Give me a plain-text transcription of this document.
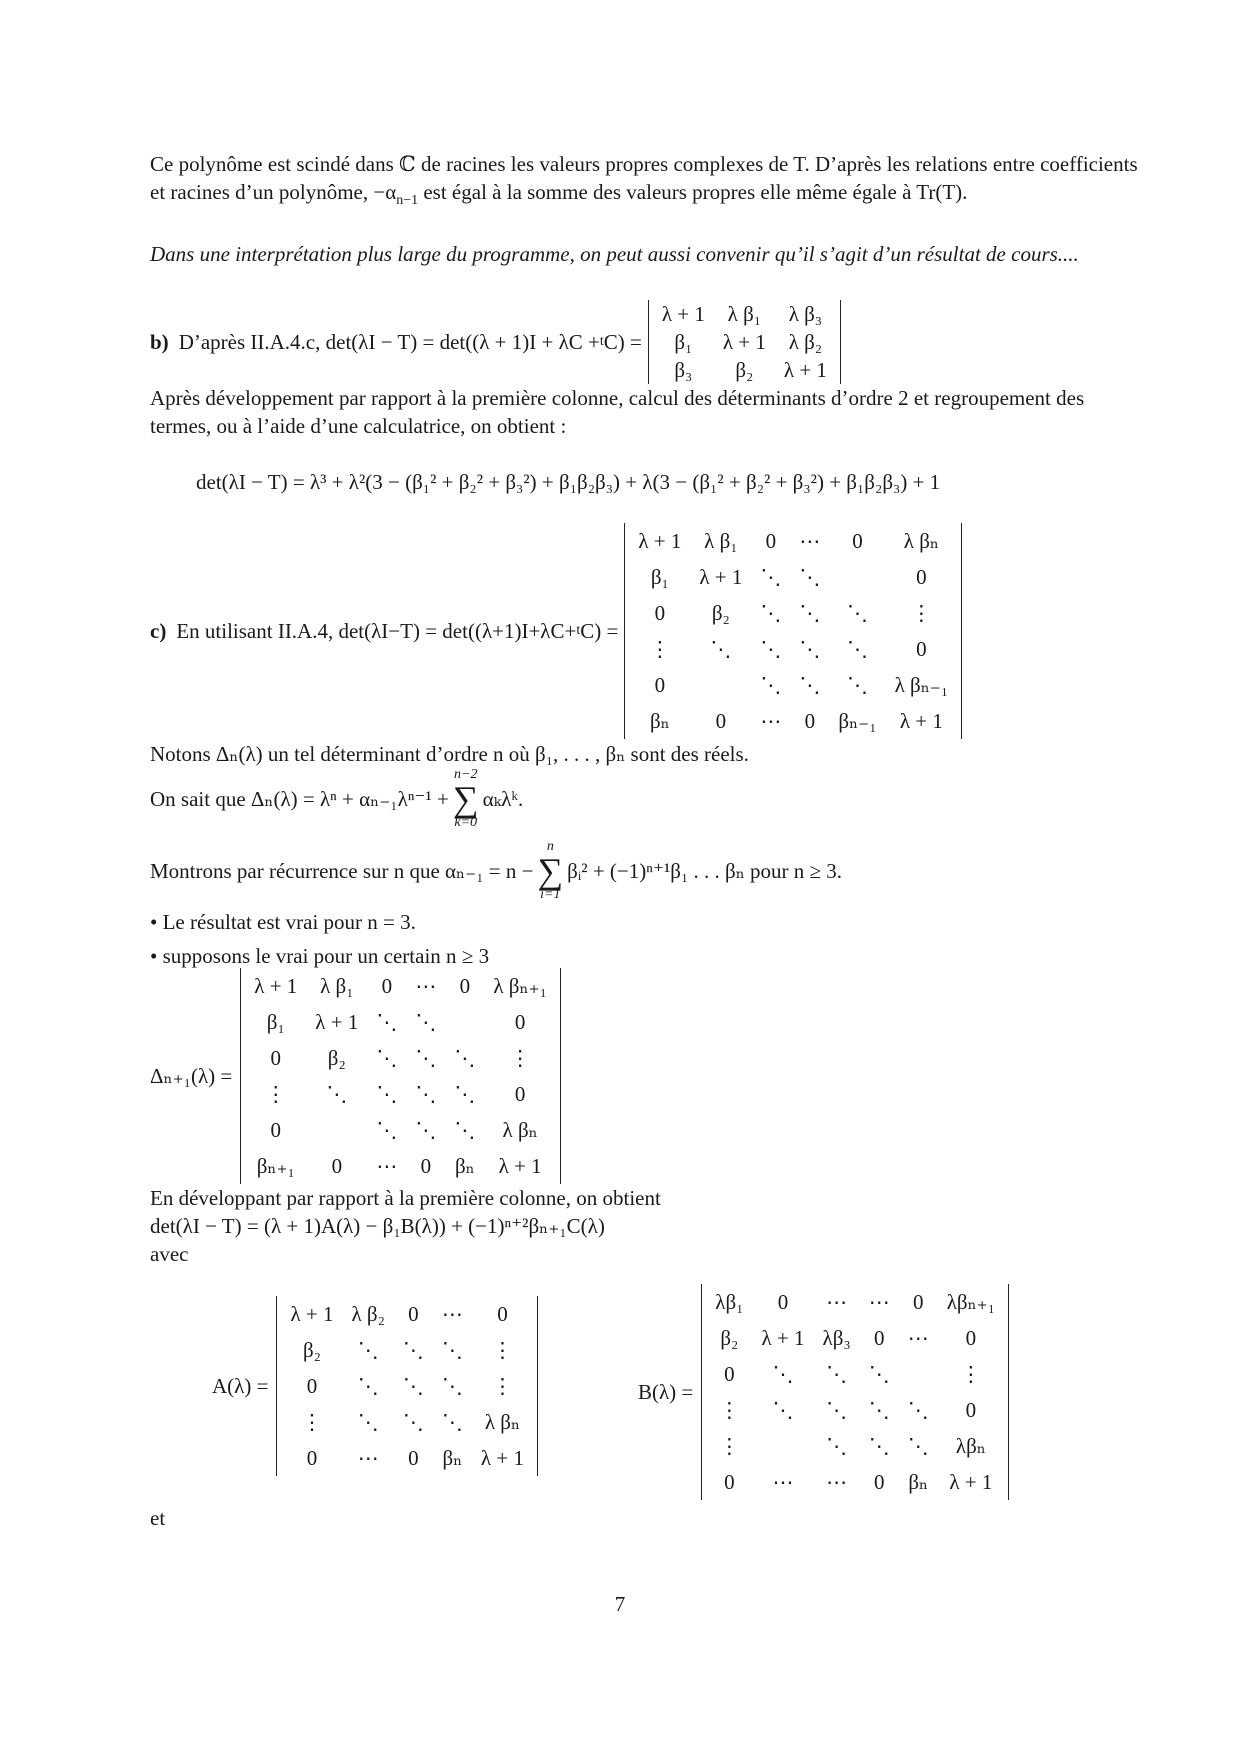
Ce polynôme est scindé dans ℂ de racines les valeurs propres complexes de T. D’après les relations entre coefficients et racines d’un polynôme, $-\alpha_{n-1}$ est égal à la somme des valeurs propres elle même égale à Tr(T).
Dans une interprétation plus large du programme, on peut aussi convenir qu’il s’agit d’un résultat de cours....
b) D’après II.A.4.c, det(λI − T) = det((λ + 1)I + λC + t C) =
λ + 1	λ β₁	λ β₃
β₁	λ + 1	λ β₂
β₃	β₂	λ + 1
Après développement par rapport à la première colonne, calcul des déterminants d’ordre 2 et regroupement des termes, ou à l’aide d’une calculatrice, on obtient :
det(λI − T) = λ³ + λ²(3 − (β₁² + β₂² + β₃²) + β₁β₂β₃) + λ(3 − (β₁² + β₂² + β₃²) + β₁β₂β₃) + 1
c) En utilisant II.A.4, det(λI−T) = det((λ+1)I+λC+ t C) =
λ + 1	λ β₁	0	⋯	0	λ βₙ
β₁	λ + 1	⋱	⋱		0
0	β₂	⋱	⋱	⋱	⋮
⋮	⋱	⋱	⋱	⋱	0
0		⋱	⋱	⋱	λ βₙ₋₁
βₙ	0	⋯	0	βₙ₋₁	λ + 1
Notons Δₙ(λ) un tel déterminant d’ordre n où β₁, . . . , βₙ sont des réels.
On sait que Δₙ(λ) = λⁿ + αₙ₋₁λⁿ⁻¹ +
n−2
∑
k=0
αₖλᵏ.
Montrons par récurrence sur n que αₙ₋₁ = n −
n
∑
i=1
βᵢ² + (−1)ⁿ⁺¹β₁ . . . βₙ pour n ≥ 3.
• Le résultat est vrai pour n = 3.
• supposons le vrai pour un certain n ≥ 3
Δₙ₊₁(λ) =
λ + 1	λ β₁	0	⋯	0	λ βₙ₊₁
β₁	λ + 1	⋱	⋱		0
0	β₂	⋱	⋱	⋱	⋮
⋮	⋱	⋱	⋱	⋱	0
0		⋱	⋱	⋱	λ βₙ
βₙ₊₁	0	⋯	0	βₙ	λ + 1
En développant par rapport à la première colonne, on obtient
det(λI − T) = (λ + 1)A(λ) − β₁B(λ)) + (−1)ⁿ⁺²βₙ₊₁C(λ)
avec
A(λ) =
λ + 1	λ β₂	0	⋯	0
β₂	⋱	⋱	⋱	⋮
0	⋱	⋱	⋱	⋮
⋮	⋱	⋱	⋱	λ βₙ
0	⋯	0	βₙ	λ + 1
B(λ) =
λβ₁	0	⋯	⋯	0	λβₙ₊₁
β₂	λ + 1	λβ₃	0	⋯	0
0	⋱	⋱	⋱		⋮
⋮	⋱	⋱	⋱	⋱	0
⋮		⋱	⋱	⋱	λβₙ
0	⋯	⋯	0	βₙ	λ + 1
et
7
